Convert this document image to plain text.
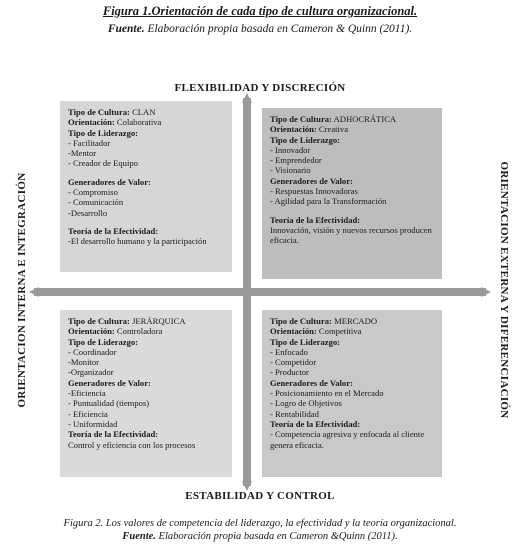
Figura 1.Orientación de cada tipo de cultura organizacional.
Fuente. Elaboración propia basada en Cameron & Quinn (2011).
FLEXIBILIDAD Y DISCRECIÓN
ESTABILIDAD Y CONTROL
ORIENTACION INTERNA E INTEGRACIÓN	ORIENTACION EXTERNA Y DIFERENCIACIÓN
Tipo de Cultura: CLAN
Orientación: Colaborativa
Tipo de Liderazgo:
- Facilitador
-Mentor
- Creador de Equipo
Generadores de Valor:
- Compromiso
- Comunicación
-Desarrollo
Teoría de la Efectividad:
-El desarrollo humano y la participación
Tipo de Cultura: ADHOCRÁTICA
Orientación: Creativa
Tipo de Liderazgo:
- Innovador
- Emprendedor
- Visionario
Generadores de Valor:
- Respuestas Innovadoras
- Agilidad para la Transformación
Teoría de la Efectividad:
Innovación, visión y nuevos recursos producen eficacia.
Tipo de Cultura: JERÁRQUICA
Orientación: Controladora
Tipo de Liderazgo:
- Coordinador
-Monitor
-Organizador
Generadores de Valor:
-Eficiencia
- Puntualidad (tiempos)
- Eficiencia
- Uniformidad
Teoría de la Efectividad:
Control y eficiencia con los procesos
Tipo de Cultura: MERCADO
Orientación: Competitiva
Tipo de Liderazgo:
- Enfocado
- Competidor
- Productor
Generadores de Valor:
- Posicionamiento en el Mercado
- Logro de Objetivos
- Rentabilidad
Teoría de la Efectividad:
- Competencia agresiva y enfocada al cliente genera eficacia.
Figura 2. Los valores de competencia del liderazgo, la efectividad y la teoría organizacional.
Fuente. Elaboración propia basada en Cameron &Quinn (2011).
